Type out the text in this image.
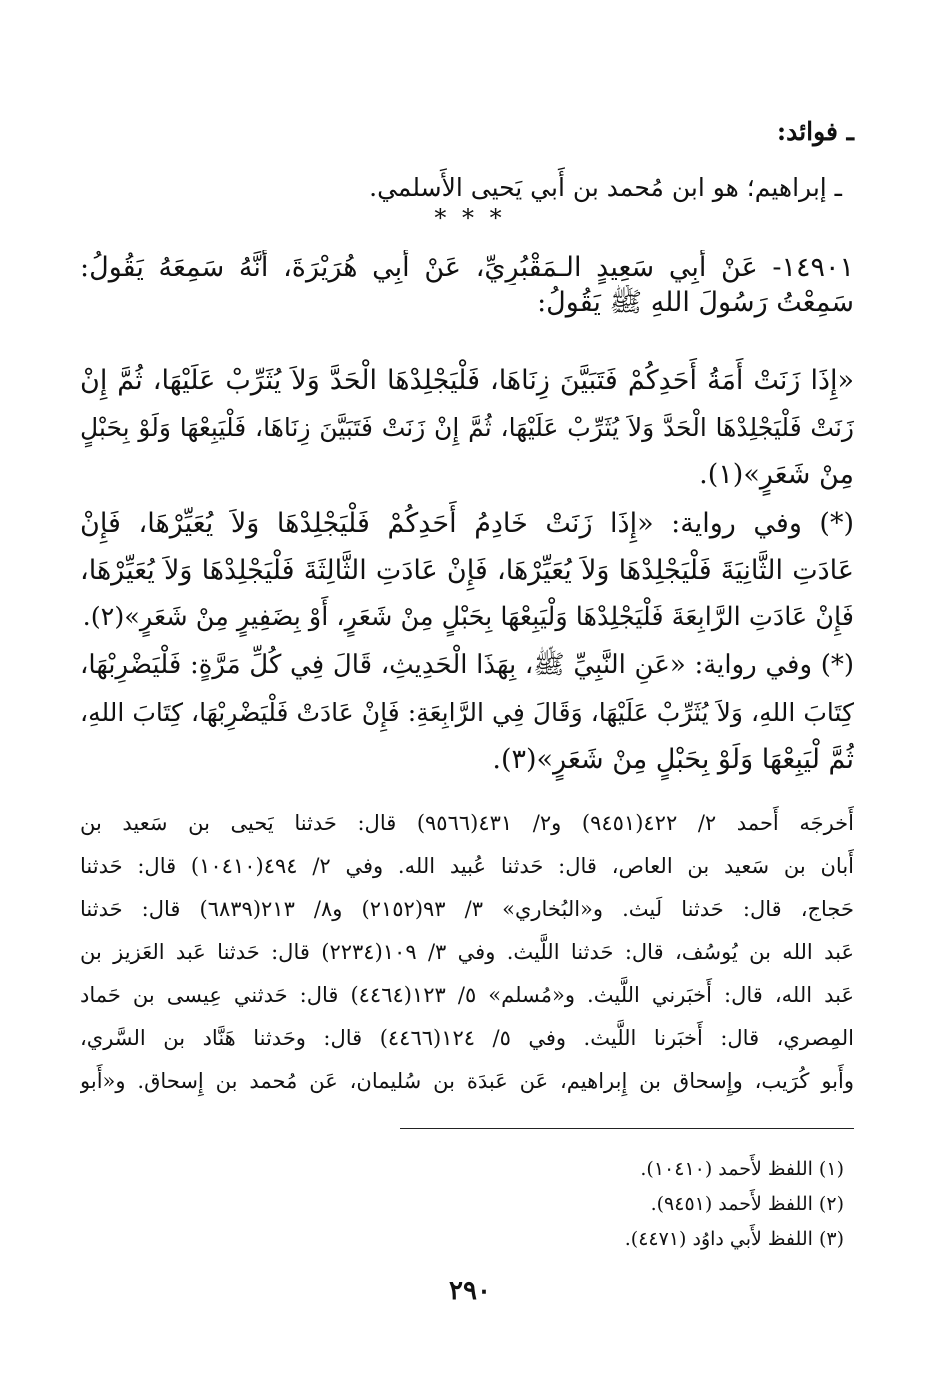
ـ فوائد:
ـ إبراهيم؛ هو ابن مُحمد بن أَبي يَحيى الأَسلمي.
* * *
١٤٩٠١- عَنْ أَبِي سَعِيدٍ الـمَقْبُرِيِّ، عَنْ أَبِي هُرَيْرَةَ، أَنَّهُ سَمِعَهُ يَقُولُ:
سَمِعْتُ رَسُولَ اللهِ ﷺ يَقُولُ:
«إِذَا زَنَتْ أَمَةُ أَحَدِكُمْ فَتَبَيَّنَ زِنَاهَا، فَلْيَجْلِدْهَا الْحَدَّ وَلاَ يُثَرِّبْ عَلَيْهَا، ثُمَّ إِنْ
زَنَتْ فَلْيَجْلِدْهَا الْحَدَّ وَلاَ يُثَرِّبْ عَلَيْهَا، ثُمَّ إِنْ زَنَتْ فَتَبَيَّنَ زِنَاهَا، فَلْيَبِعْهَا وَلَوْ بِحَبْلٍ
مِنْ شَعَرٍ»(١).
(*) وفي رواية: «إِذَا زَنَتْ خَادِمُ أَحَدِكُمْ فَلْيَجْلِدْهَا وَلاَ يُعَيِّرْهَا، فَإِنْ
عَادَتِ الثَّانِيَةَ فَلْيَجْلِدْهَا وَلاَ يُعَيِّرْهَا، فَإِنْ عَادَتِ الثَّالِثَةَ فَلْيَجْلِدْهَا وَلاَ يُعَيِّرْهَا،
فَإِنْ عَادَتِ الرَّابِعَةَ فَلْيَجْلِدْهَا وَلْيَبِعْهَا بِحَبْلٍ مِنْ شَعَرٍ، أَوْ بِضَفِيرٍ مِنْ شَعَرٍ»(٢).
(*) وفي رواية: «عَنِ النَّبِيِّ ﷺ، بِهَذَا الْحَدِيثِ، قَالَ فِي كُلِّ مَرَّةٍ: فَلْيَضْرِبْهَا،
كِتَابَ اللهِ، وَلاَ يُثَرِّبْ عَلَيْهَا، وَقَالَ فِي الرَّابِعَةِ: فَإِنْ عَادَتْ فَلْيَضْرِبْهَا، كِتَابَ اللهِ،
ثُمَّ لْيَبِعْهَا وَلَوْ بِحَبْلٍ مِنْ شَعَرٍ»(٣).
أَخرجَه أَحمد ٢/ ٤٢٢(٩٤٥١) و٢/ ٤٣١(٩٥٦٦) قال: حَدثنا يَحيى بن سَعيد بن
أَبان بن سَعيد بن العاص، قال: حَدثنا عُبيد الله. وفي ٢/ ٤٩٤(١٠٤١٠) قال: حَدثنا
حَجاج، قال: حَدثنا لَيث. و«البُخاري» ٣/ ٩٣(٢١٥٢) و٨/ ٢١٣(٦٨٣٩) قال: حَدثنا
عَبد الله بن يُوسُف، قال: حَدثنا اللَّيث. وفي ٣/ ١٠٩(٢٢٣٤) قال: حَدثنا عَبد العَزيز بن
عَبد الله، قال: أَخبَرني اللَّيث. و«مُسلم» ٥/ ١٢٣(٤٤٦٤) قال: حَدثني عِيسى بن حَماد
المِصري، قال: أَخبَرنا اللَّيث. وفي ٥/ ١٢٤(٤٤٦٦) قال: وحَدثنا هَنَّاد بن السَّري،
وأَبو كُرَيب، وإِسحاق بن إِبراهيم، عَن عَبدَة بن سُليمان، عَن مُحمد بن إِسحاق. و«أَبو
(١) اللفظ لأَحمد (١٠٤١٠).
(٢) اللفظ لأَحمد (٩٤٥١).
(٣) اللفظ لأَبي داوُد (٤٤٧١).
٢٩٠
